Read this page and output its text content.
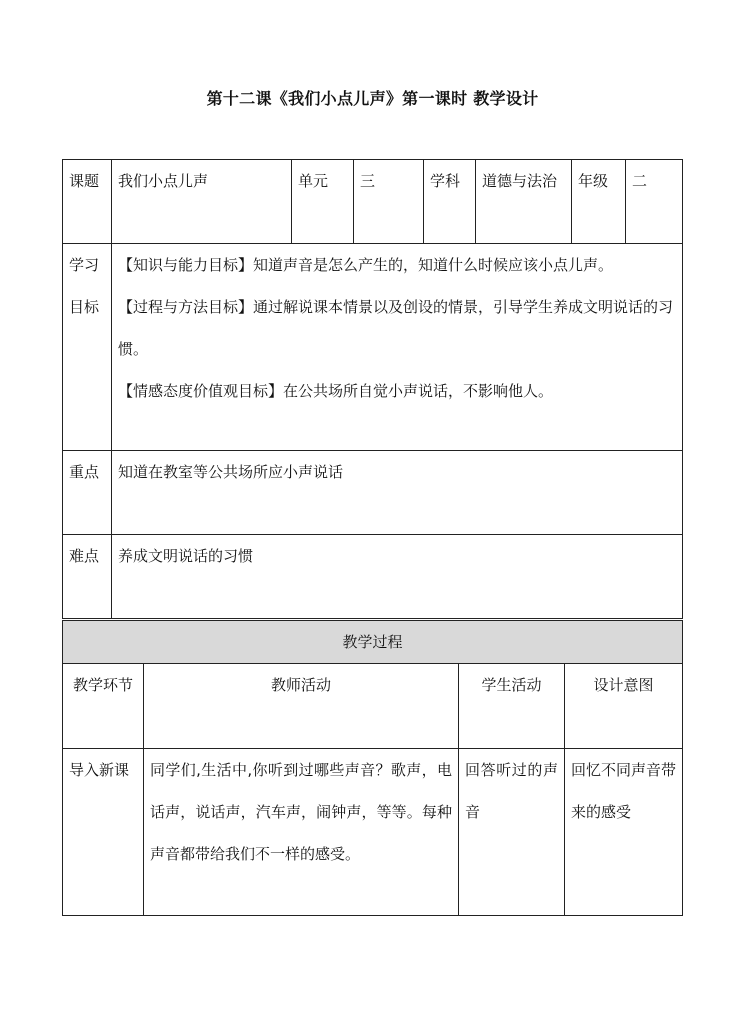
第十二课《我们小点儿声》第一课时 教学设计
课题	我们小点儿声	单元	三	学科	道德与法治	年级	二
学习目标	【知识与能力目标】知道声音是怎么产生的，知道什么时候应该小点儿声。

【过程与方法目标】通过解说课本情景以及创设的情景，引导学生养成文明说话的习惯。

【情感态度价值观目标】在公共场所自觉小声说话，不影响他人。						

重点	知道在教室等公共场所应小声说话						
难点	养成文明说话的习惯						
教学过程			
教学环节	教师活动	学生活动	设计意图
导入新课	同学们,生活中,你听到过哪些声音？歌声，电话声，说话声，汽车声，闹钟声，等等。每种声音都带给我们不一样的感受。	回答听过的声音	回忆不同声音带来的感受
